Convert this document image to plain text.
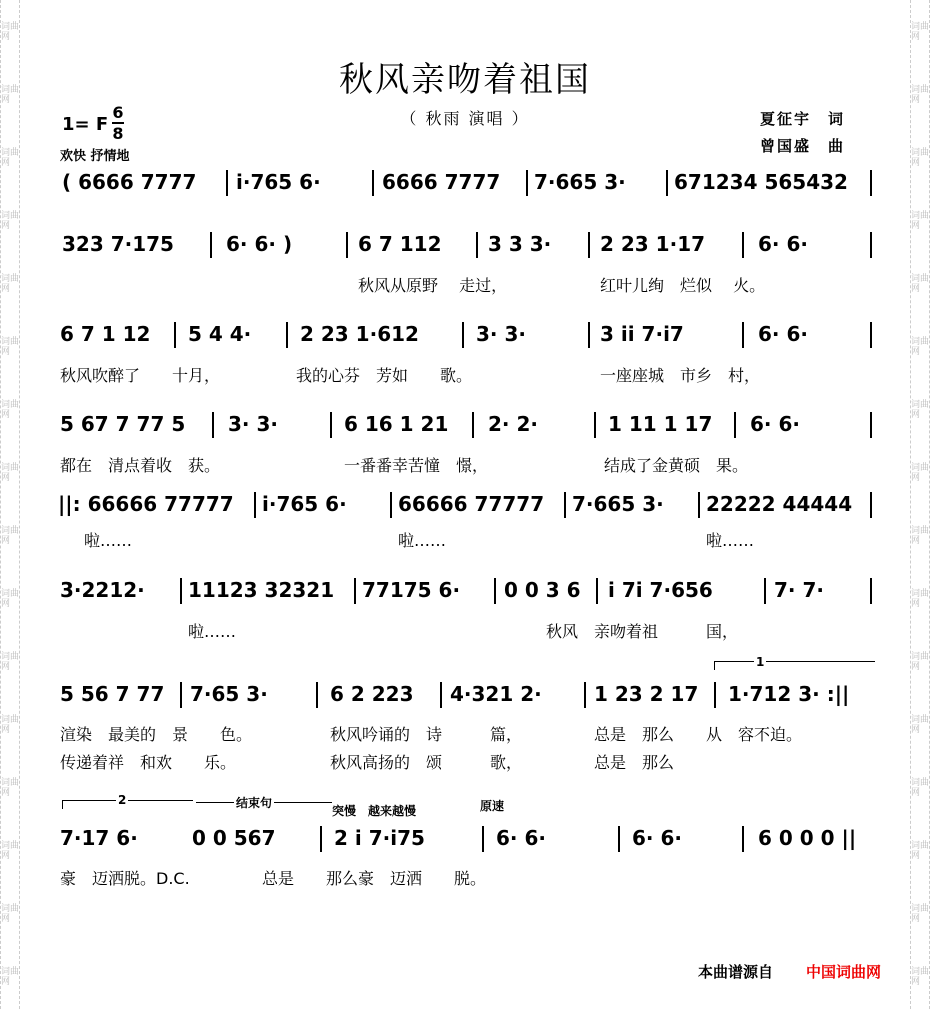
词曲网
词曲网
词曲网
词曲网
词曲网
词曲网
词曲网
词曲网
词曲网
词曲网
词曲网
词曲网
词曲网
词曲网
词曲网
词曲网
词曲网
词曲网
词曲网
词曲网
词曲网
词曲网
词曲网
词曲网
词曲网
词曲网
词曲网
词曲网
词曲网
词曲网
词曲网
词曲网
秋风亲吻着祖国
（ 秋雨 演唱 ）
1= F
6
8
欢快 抒情地
夏征宇　词
曾国盛　曲
( 6666 7777 i·765 6·	6666 7777 7·665 3· 671234 565432
323 7·175	6· 6· )	6 7 112 3 3 3· 2 23 1·17	6· 6·
秋风从原野　 走过，	红叶儿绚　烂似　 火。
6 7 1 12 5 4 4· 2 23 1·612	3· 3·	3 ii 7·i7	6· 6·
秋风吹醉了　　十月，	我的心芬　芳如　　歌。	一座座城　市乡　村，
5 67 7 77 5 3· 3·	6 16 1 21 2· 2·	1 11 1 17 6· 6·
都在　清点着收　获。	一番番幸苦憧　憬，	结成了金黄硕　果。
||: 66666 77777 i·765 6·	66666 77777 7·665 3· 22222 44444
啦……	啦……	啦……
3·2212· 11123 32321 77175 6· 0 0 3 6 i 7i 7·656	7· 7·
啦……	秋风　亲吻着祖　　　国，
1
5 56 7 77 7·65 3·	6 2 223 4·321 2·	1 23 2 17 1·712 3· :||
渲染　最美的　景　　色。	秋风吟诵的　诗　　　篇，	总是　那么　　从　容不迫。
传递着祥　和欢　　乐。	秋风高扬的　颂　　　歌，	总是　那么
2	结束句
突慢　越来越慢	原速
7·17 6·	0 0 567	2 i 7·i75	6· 6·	6· 6·	6 0 0 0 ||
豪　迈洒脱。D.C.	总是　　那么豪　迈洒　　脱。
本曲谱源自 中国词曲网
